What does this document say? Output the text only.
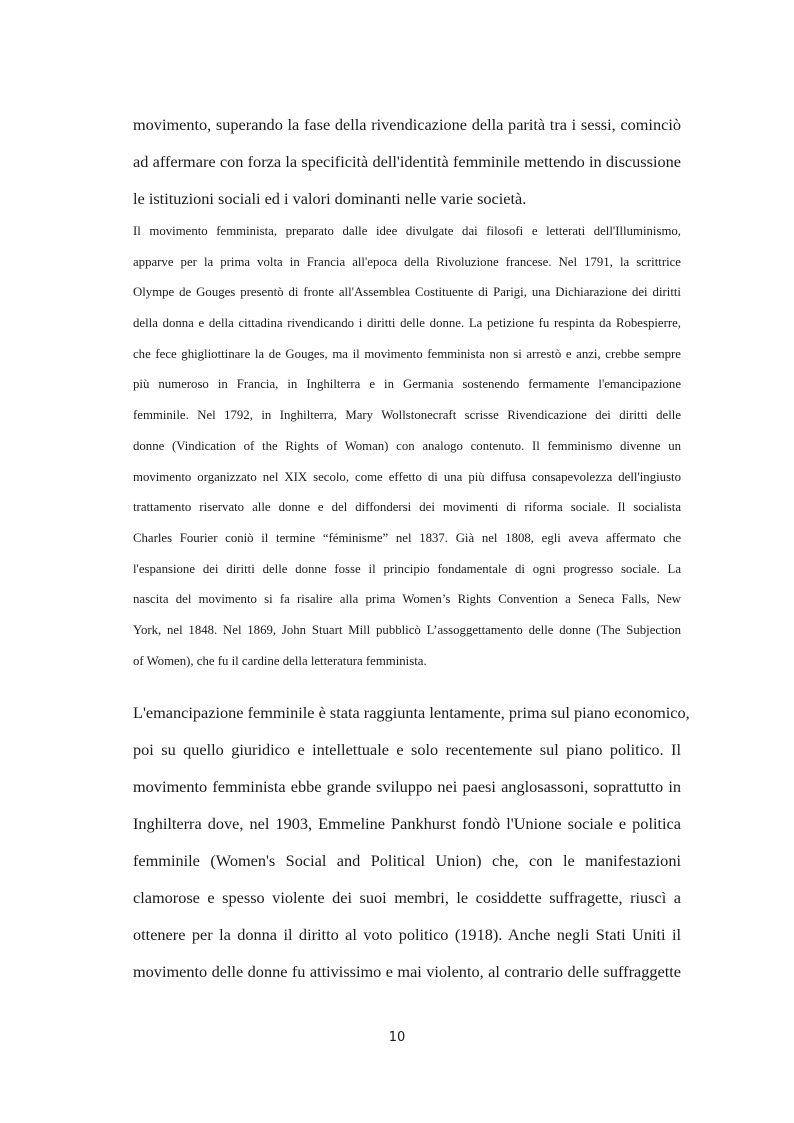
movimento, superando la fase della rivendicazione della parità tra i sessi, cominciò
ad affermare con forza la specificità dell'identità femminile mettendo in discussione
le istituzioni sociali ed i valori dominanti nelle varie società.
Il movimento femminista, preparato dalle idee divulgate dai filosofi e letterati dell'Illuminismo,
apparve per la prima volta in Francia all'epoca della Rivoluzione francese. Nel 1791, la scrittrice
Olympe de Gouges presentò di fronte all'Assemblea Costituente di Parigi, una Dichiarazione dei diritti
della donna e della cittadina rivendicando i diritti delle donne. La petizione fu respinta da Robespierre,
che fece ghigliottinare la de Gouges, ma il movimento femminista non si arrestò e anzi, crebbe sempre
più numeroso in Francia, in Inghilterra e in Germania sostenendo fermamente l'emancipazione
femminile. Nel 1792, in Inghilterra, Mary Wollstonecraft scrisse Rivendicazione dei diritti delle
donne (Vindication of the Rights of Woman) con analogo contenuto. Il femminismo divenne un
movimento organizzato nel XIX secolo, come effetto di una più diffusa consapevolezza dell'ingiusto
trattamento riservato alle donne e del diffondersi dei movimenti di riforma sociale. Il socialista
Charles Fourier coniò il termine “féminisme” nel 1837. Già nel 1808, egli aveva affermato che
l'espansione dei diritti delle donne fosse il principio fondamentale di ogni progresso sociale. La
nascita del movimento si fa risalire alla prima Women’s Rights Convention a Seneca Falls, New
York, nel 1848. Nel 1869, John Stuart Mill pubblicò L’assoggettamento delle donne (The Subjection
of Women), che fu il cardine della letteratura femminista.
L'emancipazione femminile è stata raggiunta lentamente, prima sul piano economico,
poi su quello giuridico e intellettuale e solo recentemente sul piano politico. Il
movimento femminista ebbe grande sviluppo nei paesi anglosassoni, soprattutto in
Inghilterra dove, nel 1903, Emmeline Pankhurst fondò l'Unione sociale e politica
femminile (Women's Social and Political Union) che, con le manifestazioni
clamorose e spesso violente dei suoi membri, le cosiddette suffragette, riuscì a
ottenere per la donna il diritto al voto politico (1918). Anche negli Stati Uniti il
movimento delle donne fu attivissimo e mai violento, al contrario delle suffraggette
10
